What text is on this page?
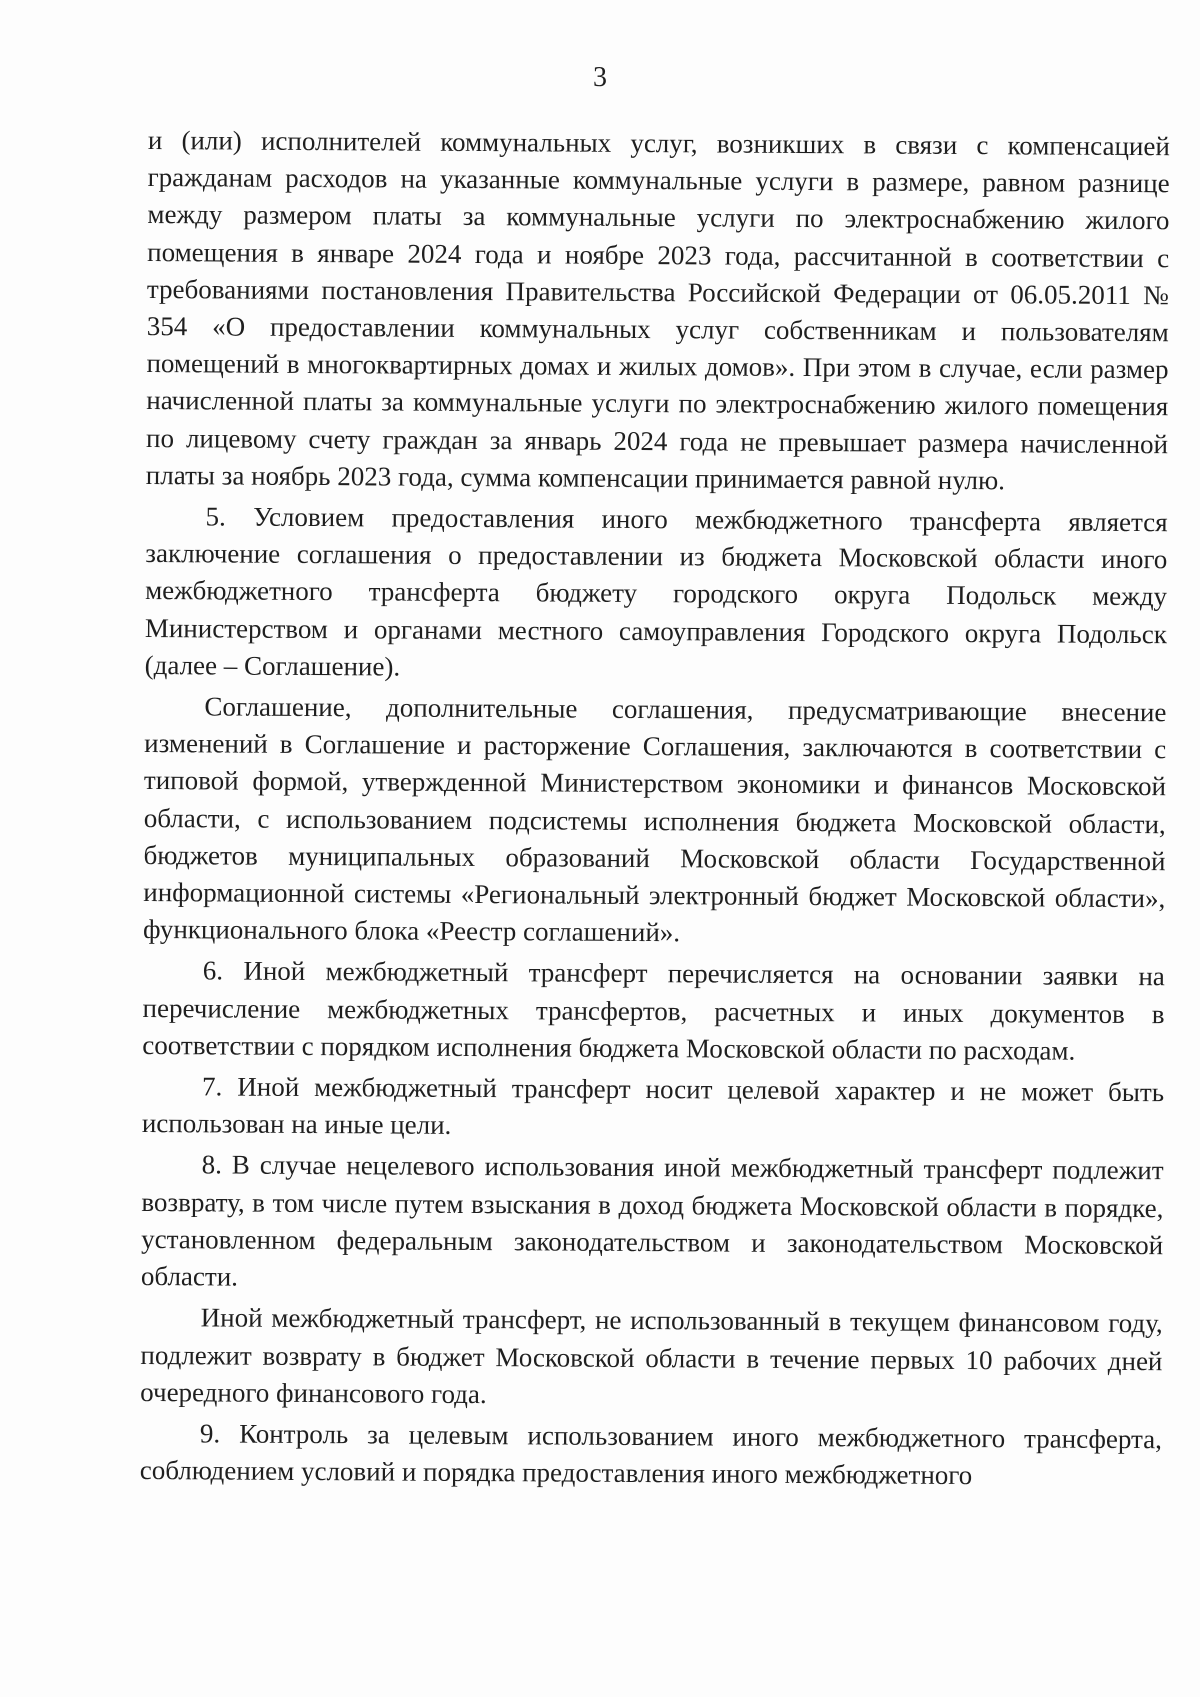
3

и (или) исполнителей коммунальных услуг, возникших в связи с компенсацией гражданам расходов на указанные коммунальные услуги в размере, равном разнице между размером платы за коммунальные услуги по электроснабжению жилого помещения в январе 2024 года и ноябре 2023 года, рассчитанной в соответствии с требованиями постановления Правительства Российской Федерации от 06.05.2011 № 354 «О предоставлении коммунальных услуг собственникам и пользователям помещений в многоквартирных домах и жилых домов». При этом в случае, если размер начисленной платы за коммунальные услуги по электроснабжению жилого помещения по лицевому счету граждан за январь 2024 года не превышает размера начисленной платы за ноябрь 2023 года, сумма компенсации принимается равной нулю.

5. Условием предоставления иного межбюджетного трансферта является заключение соглашения о предоставлении из бюджета Московской области иного межбюджетного трансферта бюджету городского округа Подольск между Министерством и органами местного самоуправления Городского округа Подольск (далее – Соглашение).

Соглашение, дополнительные соглашения, предусматривающие внесение изменений в Соглашение и расторжение Соглашения, заключаются в соответствии с типовой формой, утвержденной Министерством экономики и финансов Московской области, с использованием подсистемы исполнения бюджета Московской области, бюджетов муниципальных образований Московской области Государственной информационной системы «Региональный электронный бюджет Московской области», функционального блока «Реестр соглашений».

6. Иной межбюджетный трансферт перечисляется на основании заявки на перечисление межбюджетных трансфертов, расчетных и иных документов в соответствии с порядком исполнения бюджета Московской области по расходам.

7. Иной межбюджетный трансферт носит целевой характер и не может быть использован на иные цели.

8. В случае нецелевого использования иной межбюджетный трансферт подлежит возврату, в том числе путем взыскания в доход бюджета Московской области в порядке, установленном федеральным законодательством и законодательством Московской области.

Иной межбюджетный трансферт, не использованный в текущем финансовом году, подлежит возврату в бюджет Московской области в течение первых 10 рабочих дней очередного финансового года.

9. Контроль за целевым использованием иного межбюджетного трансферта, соблюдением условий и порядка предоставления иного межбюджетного
